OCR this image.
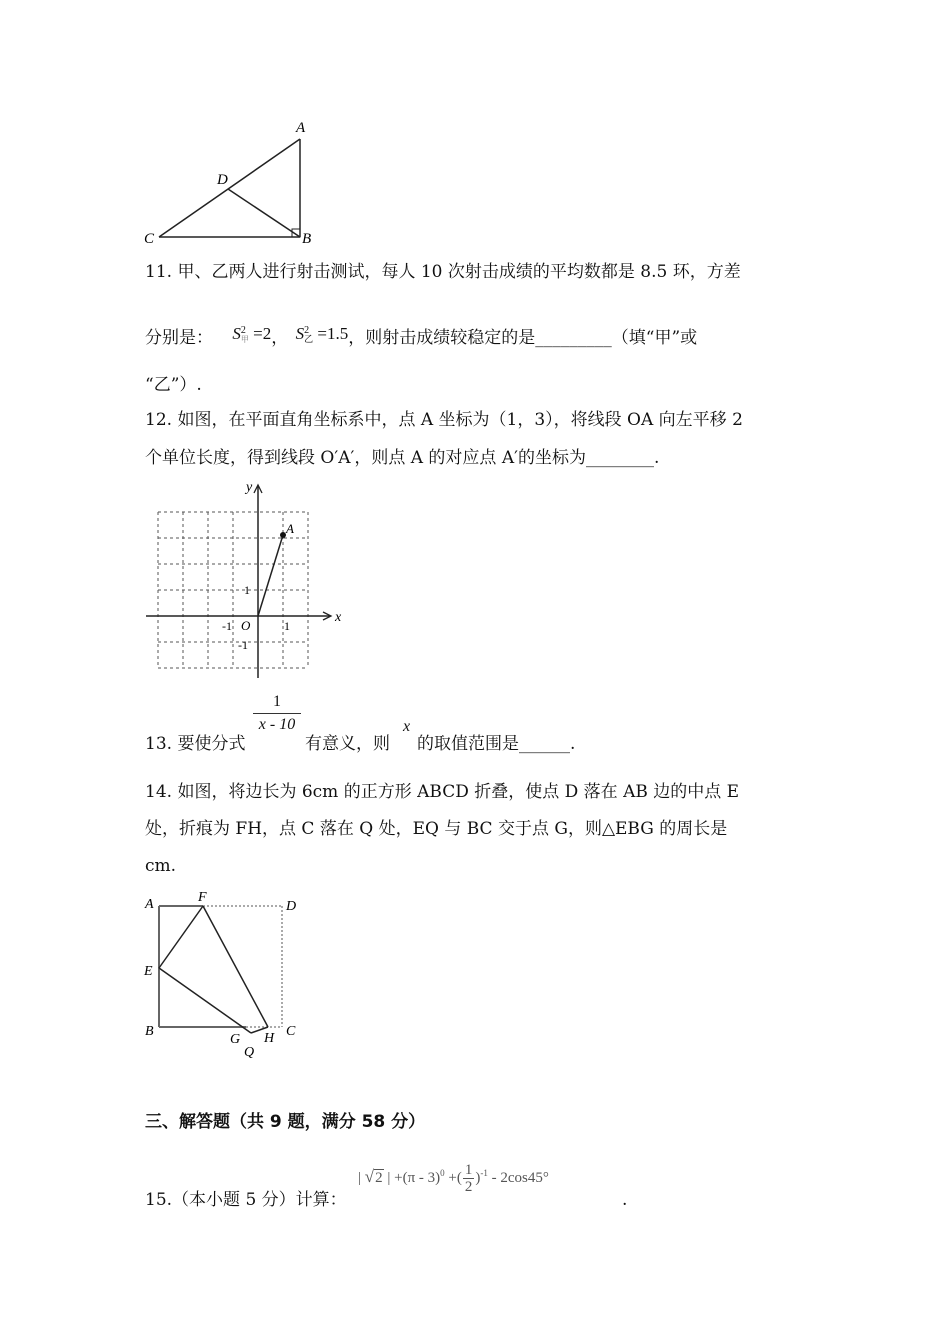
A
D
C	B
11. 甲、乙两人进行射击测试，每人 10 次射击成绩的平均数都是 8.5 环，方差
分别是： S2
甲 =2， S2
乙 =1.5，则射击成绩较稳定的是_________（填“甲”或
“乙”）.
12. 如图，在平面直角坐标系中，点 A 坐标为（1，3），将线段 OA 向左平移 2
个单位长度，得到线段 O′A′，则点 A 的对应点 A′的坐标为________.
y
x
A
O	1
-1
1
-1
1
x - 10
13. 要使分式	有意义，则
x
的取值范围是______.
14. 如图，将边长为 6cm 的正方形 ABCD 折叠，使点 D 落在 AB 边的中点 E
处，折痕为 FH，点 C 落在 Q 处，EQ 与 BC 交于点 G，则△EBG 的周长是
cm.
A	F
D
E
B
G H C
Q
三、解答题（共 9 题，满分 58 分）
15.（本小题 5 分）计算：
| √2 | $+(\pi - 3)^0 +(\frac{1}{2})^{-1} - 2\cos 45^\circ$
.
